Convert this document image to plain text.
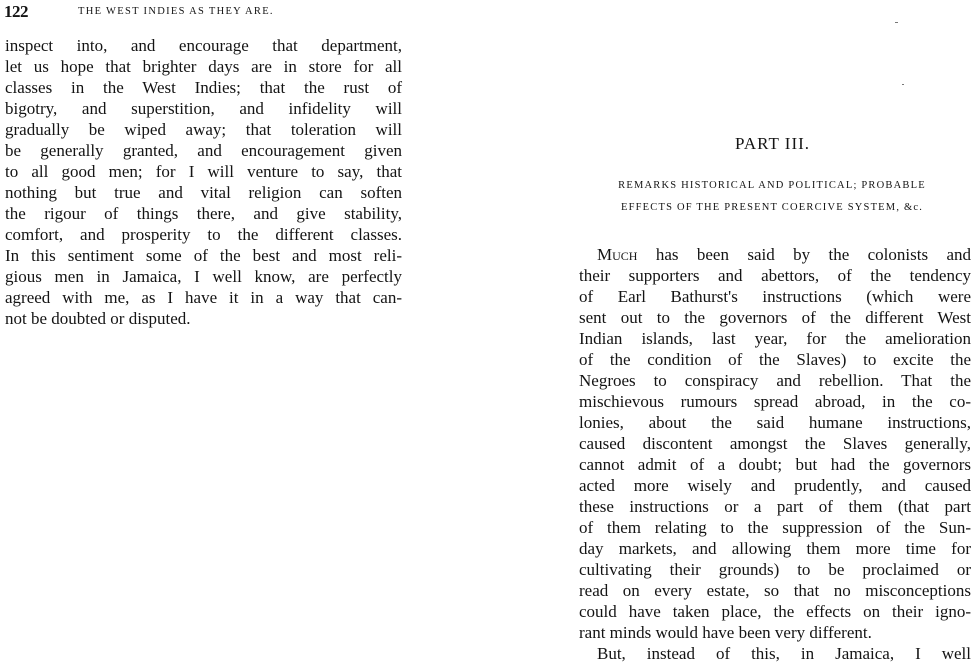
122	THE WEST INDIES AS THEY ARE.
inspect into, and encourage that department,
let us hope that brighter days are in store for all
classes in the West Indies; that the rust of
bigotry, and superstition, and infidelity will
gradually be wiped away; that toleration will
be generally granted, and encouragement given
to all good men; for I will venture to say, that
nothing but true and vital religion can soften
the rigour of things there, and give stability,
comfort, and prosperity to the different classes.
In this sentiment some of the best and most reli-
gious men in Jamaica, I well know, are perfectly
agreed with me, as I have it in a way that can-
not be doubted or disputed.
PART III.
REMARKS HISTORICAL AND POLITICAL; PROBABLE
EFFECTS OF THE PRESENT COERCIVE SYSTEM, &c.
Much has been said by the colonists and
their supporters and abettors, of the tendency
of Earl Bathurst's instructions (which were
sent out to the governors of the different West
Indian islands, last year, for the amelioration
of the condition of the Slaves) to excite the
Negroes to conspiracy and rebellion. That the
mischievous rumours spread abroad, in the co-
lonies, about the said humane instructions,
caused discontent amongst the Slaves generally,
cannot admit of a doubt; but had the governors
acted more wisely and prudently, and caused
these instructions or a part of them (that part
of them relating to the suppression of the Sun-
day markets, and allowing them more time for
cultivating their grounds) to be proclaimed or
read on every estate, so that no misconceptions
could have taken place, the effects on their igno-
rant minds would have been very different.
But, instead of this, in Jamaica, I well
